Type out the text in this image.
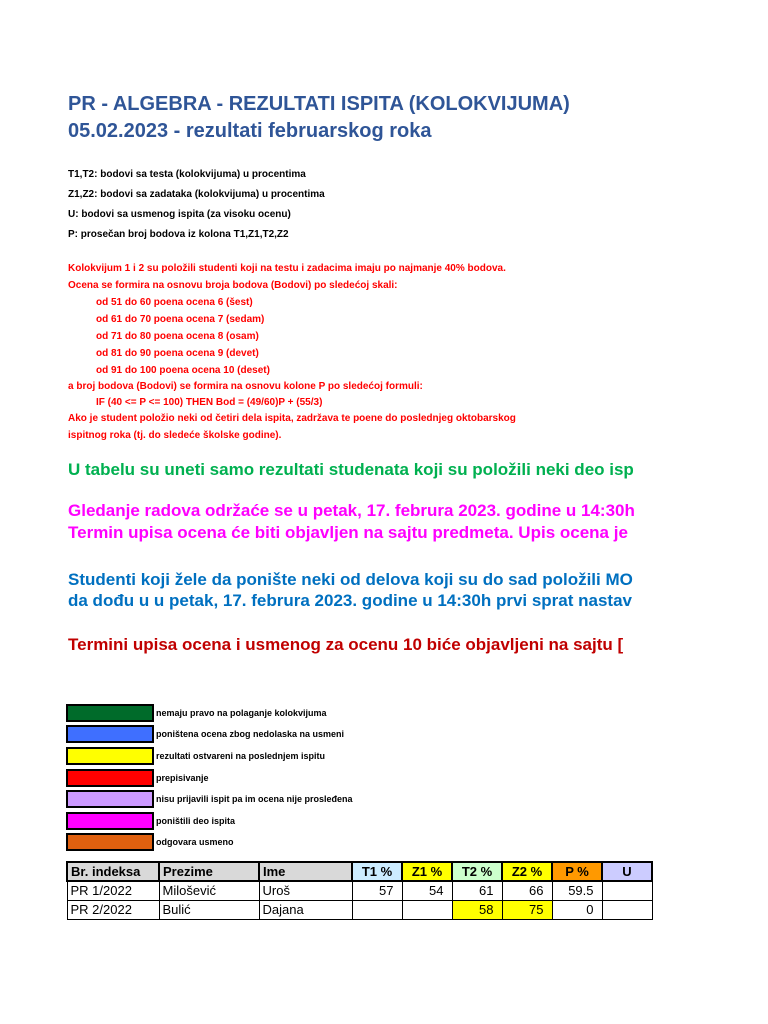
PR - ALGEBRA - REZULTATI ISPITA (KOLOKVIJUMA)
05.02.2023 - rezultati februarskog roka
T1,T2: bodovi sa testa (kolokvijuma) u procentima
Z1,Z2: bodovi sa zadataka (kolokvijuma) u procentima
U: bodovi sa usmenog ispita (za visoku ocenu)
P: prosečan broj bodova iz kolona T1,Z1,T2,Z2
Kolokvijum 1 i 2 su položili studenti koji na testu i zadacima imaju po najmanje 40% bodova.
Ocena se formira na osnovu broja bodova (Bodovi) po sledećoj skali:
od 51 do 60 poena ocena 6 (šest)
od 61 do 70 poena ocena 7 (sedam)
od 71 do 80 poena ocena 8 (osam)
od 81 do 90 poena ocena 9 (devet)
od 91 do 100 poena ocena 10 (deset)
a broj bodova (Bodovi) se formira na osnovu kolone P po sledećoj formuli:
IF (40 <= P <= 100) THEN Bod = (49/60)P + (55/3)
Ako je student položio neki od četiri dela ispita, zadržava te poene do poslednjeg oktobarskog
ispitnog roka (tj. do sledeće školske godine).
U tabelu su uneti samo rezultati studenata koji su položili neki deo isp
Gledanje radova održaće se u petak, 17. februra 2023. godine u 14:30h
Termin upisa ocena će biti objavljen na sajtu predmeta. Upis ocena je
Studenti koji žele da ponište neki od delova koji su do sad položili MO
da dođu u u petak, 17. februra 2023. godine u 14:30h prvi sprat nastav
Termini upisa ocena i usmenog za ocenu 10 biće objavljeni na sajtu [
nemaju pravo na polaganje kolokvijuma
poništena ocena zbog nedolaska na usmeni
rezultati ostvareni na poslednjem ispitu
prepisivanje
nisu prijavili ispit pa im ocena nije prosleđena
poništili deo ispita
odgovara usmeno
Br. indeksa	Prezime	Ime	T1 %	Z1 %	T2 %	Z2 %	P %	U
PR 1/2022	Milošević	Uroš	57	54	61	66	59.5	
PR 2/2022	Bulić	Dajana			58	75	0	
